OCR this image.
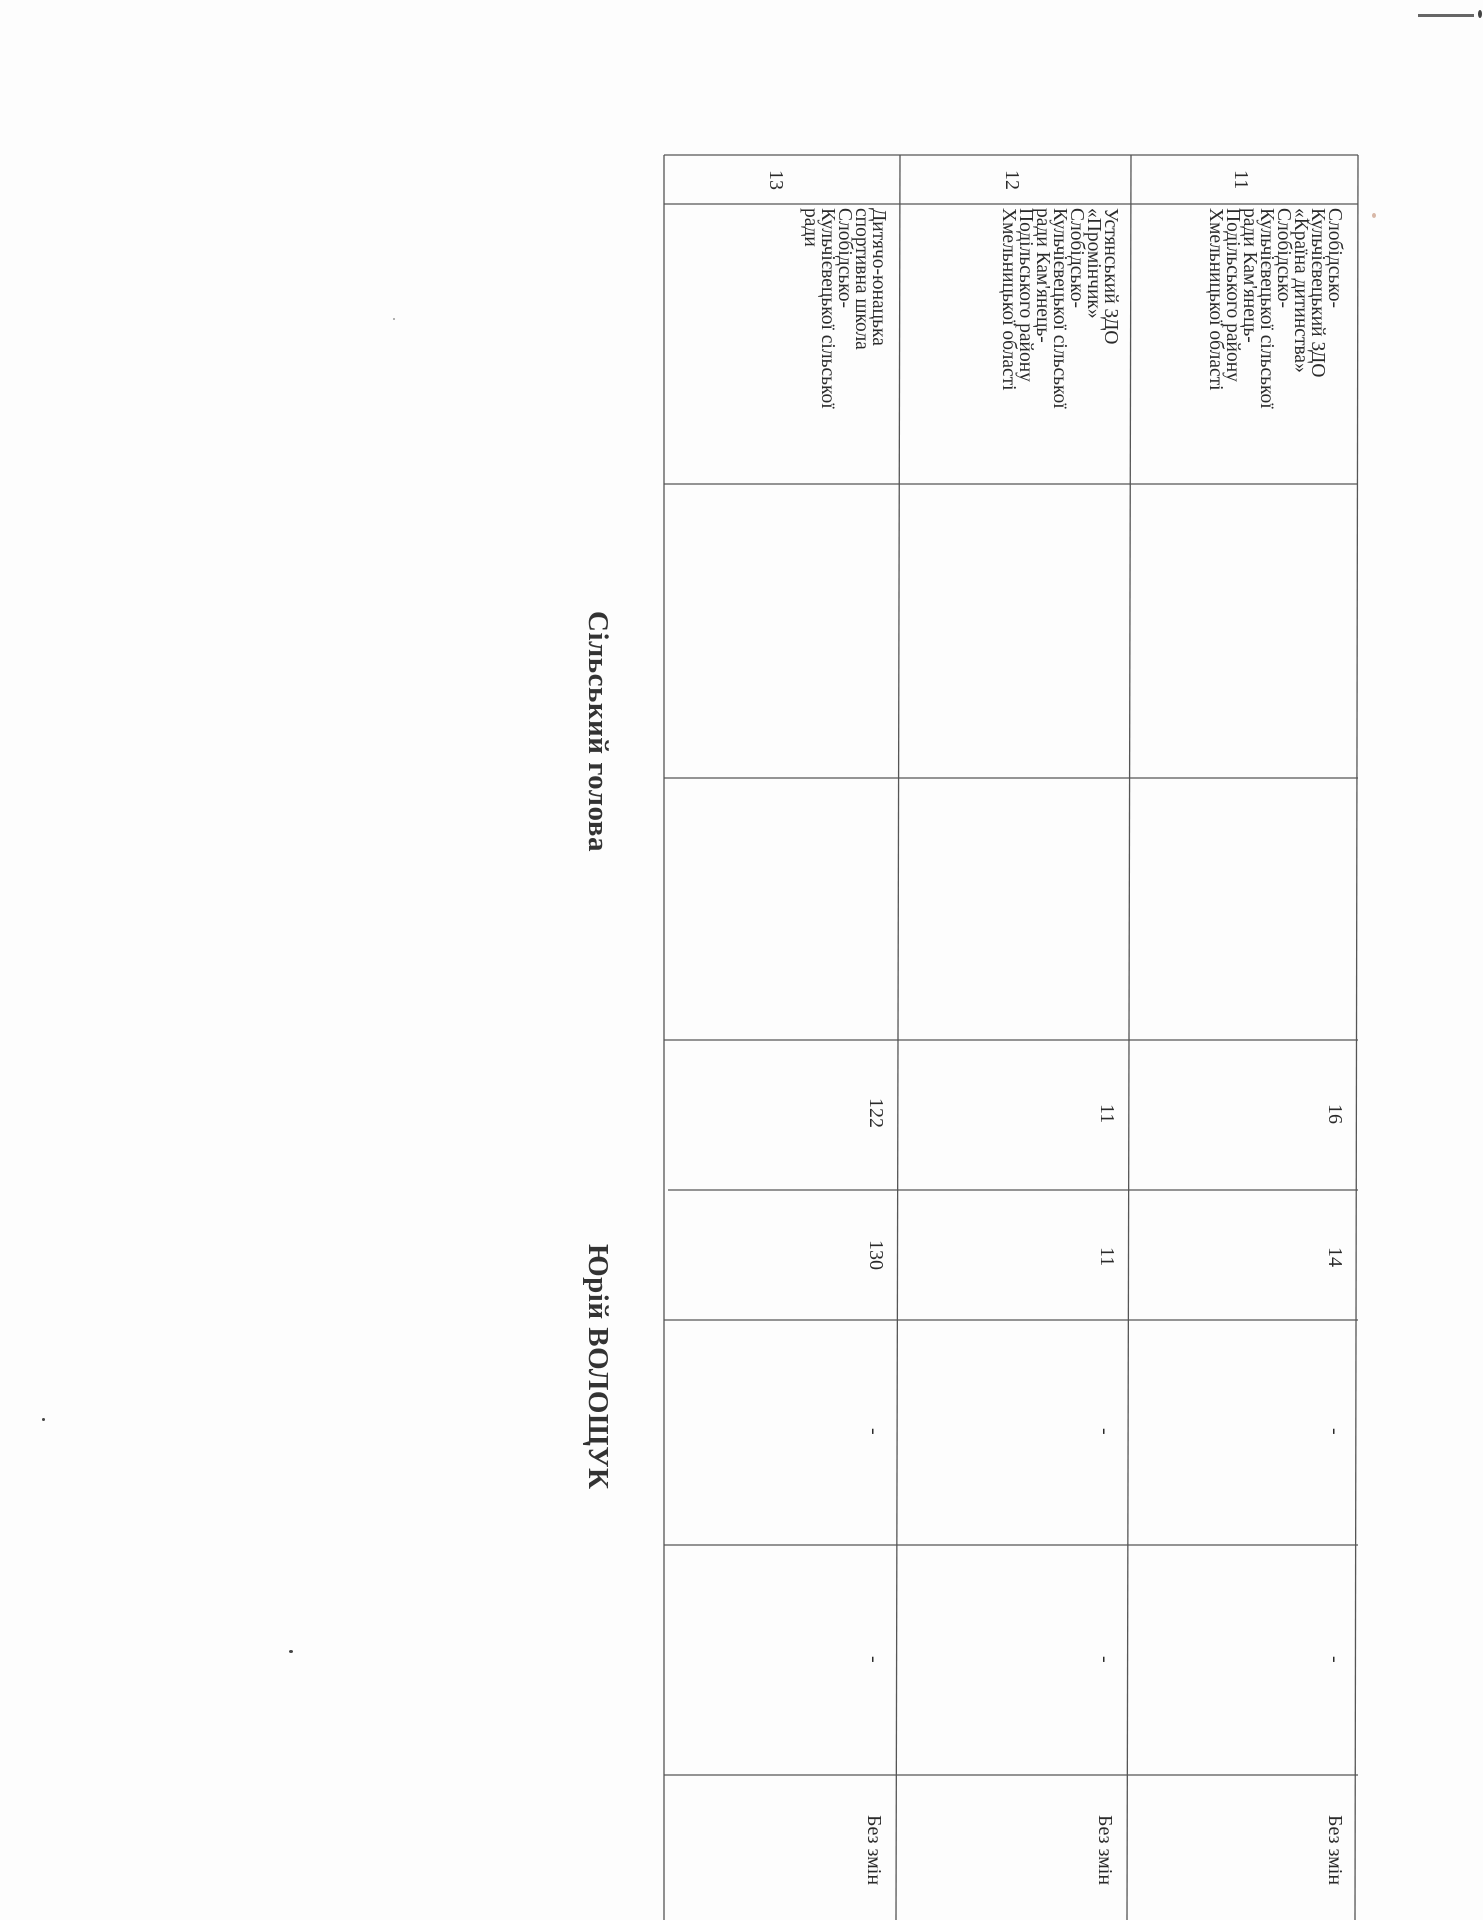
11
Слобідсько-
Кульчієвецький ЗДО
«Країна дитинства»
Слобідсько-
Кульчієвецької сільської
ради Кам'янець-
Подільського району
Хмельницької області
16
14
-
-
Без змін
12
Устянський ЗДО
«Промінчик»
Слобідсько-
Кульчієвецької сільської
ради Кам'янець-
Подільського району
Хмельницької області
11
11
-
-
Без змін
13
Дитячо-юнацька
спортивна школа
Слобідсько-
Кульчієвецької сільської
ради
122
130
-
-
Без змін
Сільський голова
Юрій ВОЛОЩУК
